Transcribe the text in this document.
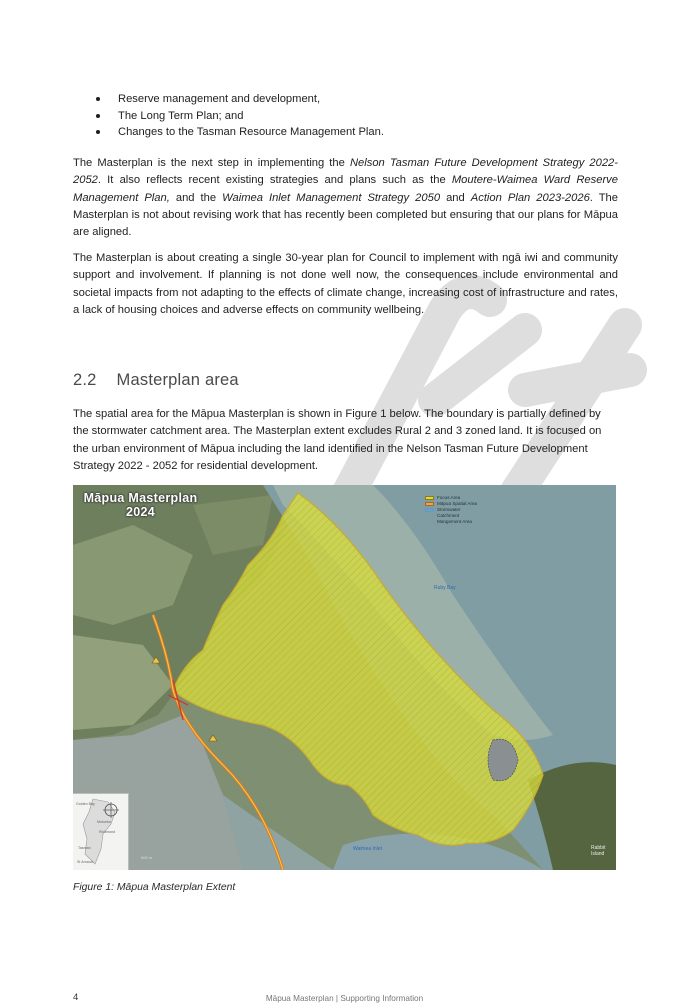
Reserve management and development,
The Long Term Plan; and
Changes to the Tasman Resource Management Plan.

The Masterplan is the next step in implementing the Nelson Tasman Future Development Strategy 2022-2052. It also reflects recent existing strategies and plans such as the Moutere-Waimea Ward Reserve Management Plan, and the Waimea Inlet Management Strategy 2050 and Action Plan 2023-2026. The Masterplan is not about revising work that has recently been completed but ensuring that our plans for Māpua are aligned.

The Masterplan is about creating a single 30-year plan for Council to implement with ngā iwi and community support and involvement. If planning is not done well now, the consequences include environmental and societal impacts from not adapting to the effects of climate change, increasing cost of infrastructure and rates, a lack of housing choices and adverse effects on community wellbeing.

2.2 Masterplan area

The spatial area for the Māpua Masterplan is shown in Figure 1 below. The boundary is partially defined by the stormwater catchment area. The Masterplan extent excludes Rural 2 and 3 zoned land. It is focused on the urban environment of Māpua including the land identified in the Nelson Tasman Future Development Strategy 2022 - 2052 for residential development.

Māpua Masterplan
2024
Focus Area
Māpua Spatial Area
Stormwater Catchment Mangement Area
Ruby Bay
Waimea Inlet	Rabbit Island
Golden Bay
Motueka
Richmond
Tasman
St Arnaud
500 m

Figure 1: Māpua Masterplan Extent

4	Māpua Masterplan | Supporting Information
